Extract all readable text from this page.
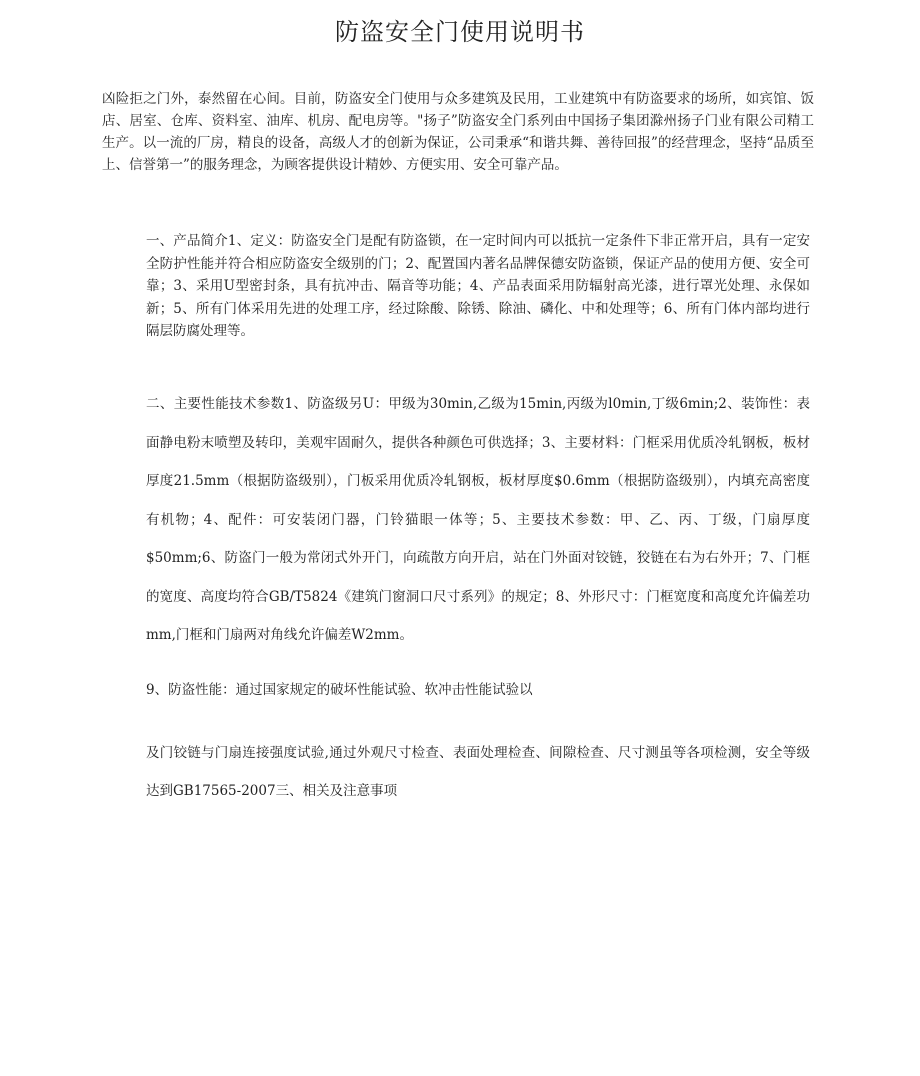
防盗安全门使用说明书

凶险拒之门外，泰然留在心间。目前，防盗安全门使用与众多建筑及民用，工业建筑中有防盗要求的场所，如宾馆、饭店、居室、仓库、资料室、油库、机房、配电房等。"扬子”防盗安全门系列由中国扬子集团滁州扬子门业有限公司精工生产。以一流的厂房，精良的设备，高级人才的创新为保证，公司秉承“和谐共舞、善待回报”的经营理念，坚持“品质至上、信誉第一”的服务理念，为顾客提供设计精妙、方便实用、安全可靠产品。

一、产品简介1、定义：防盗安全门是配有防盗锁，在一定时间内可以抵抗一定条件下非正常开启，具有一定安全防护性能并符合相应防盗安全级别的门；2、配置国内著名品牌保德安防盗锁，保证产品的使用方便、安全可靠；3、采用U型密封条，具有抗冲击、隔音等功能；4、产品表面采用防辐射高光漆，进行罩光处理、永保如新；5、所有门体采用先进的处理工序，经过除酸、除锈、除油、磷化、中和处理等；6、所有门体内部均进行隔层防腐处理等。

二、主要性能技术参数1、防盗级另U：甲级为30min,乙级为15min,丙级为l0min,丁级6min;2、装饰性：表面静电粉末喷塑及转印，美观牢固耐久，提供各种颜色可供选择；3、主要材料：门框采用优质冷轧钢板，板材厚度21.5mm（根据防盗级别），门板采用优质冷轧钢板，板材厚度$0.6mm（根据防盗级别），内填充高密度有机物；4、配件：可安装闭门器，门铃猫眼一体等；5、主要技术参数：甲、乙、丙、丁级，门扇厚度$50mm;6、防盗门一般为常闭式外开门，向疏散方向开启，站在门外面对铰链，狡链在右为右外开；7、门框的宽度、高度均符合GB/T5824《建筑门窗洞口尺寸系列》的规定；8、外形尺寸：门框宽度和高度允许偏差功mm,门框和门扇两对角线允许偏差W2mm。

9、防盗性能：通过国家规定的破坏性能试验、软冲击性能试验以

及门铰链与门扇连接强度试验,通过外观尺寸检查、表面处理检查、间隙检查、尺寸测虽等各项检测，安全等级达到GB17565-2007三、相关及注意事项
